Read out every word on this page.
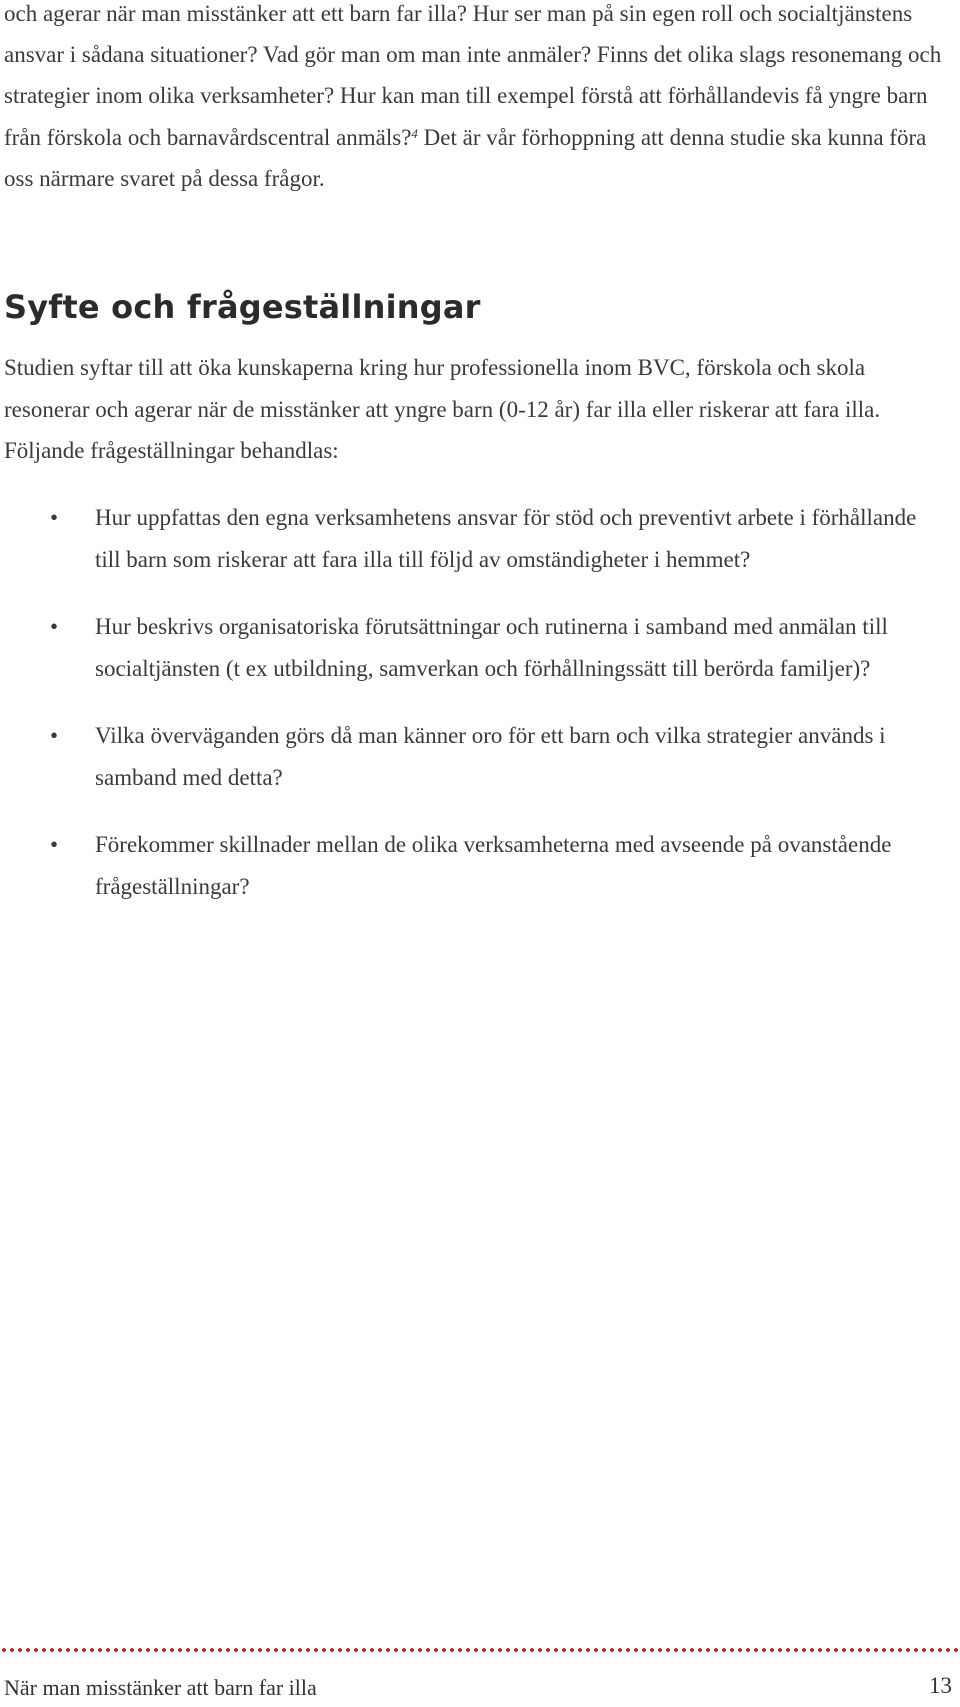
och agerar när man misstänker att ett barn far illa? Hur ser man på sin egen roll och socialtjänstens ansvar i sådana situationer? Vad gör man om man inte anmäler? Finns det olika slags resonemang och strategier inom olika verksamheter? Hur kan man till exempel förstå att förhållandevis få yngre barn från förskola och barnavårdscentral anmäls?$^4$ Det är vår förhoppning att denna studie ska kunna föra oss närmare svaret på dessa frågor.

Syfte och frågeställningar

Studien syftar till att öka kunskaperna kring hur professionella inom BVC, förskola och skola resonerar och agerar när de misstänker att yngre barn (0-12 år) far illa eller riskerar att fara illa. Följande frågeställningar behandlas:

• Hur uppfattas den egna verksamhetens ansvar för stöd och preventivt arbete i förhållande till barn som riskerar att fara illa till följd av omständigheter i hemmet?
• Hur beskrivs organisatoriska förutsättningar och rutinerna i samband med anmälan till socialtjänsten (t ex utbildning, samverkan och förhållningssätt till berörda familjer)?
• Vilka överväganden görs då man känner oro för ett barn och vilka strategier används i samband med detta?
• Förekommer skillnader mellan de olika verksamheterna med avseende på ovanstående frågeställningar?

När man misstänker att barn far illa	13
